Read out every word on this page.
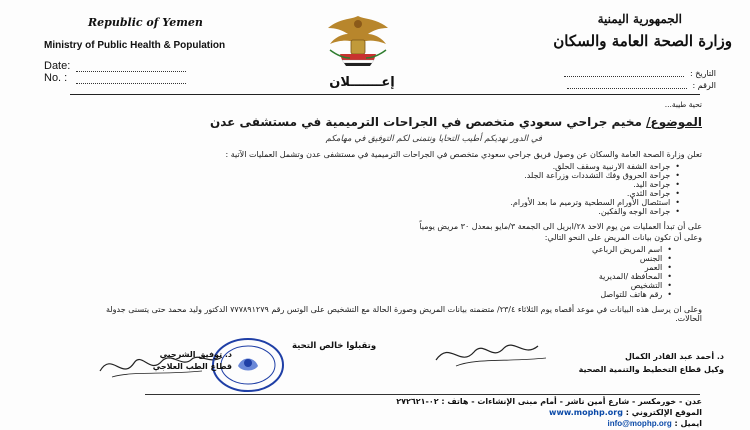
Republic of Yemen
Ministry of Public Health & Population
الجمهورية اليمنية
وزارة الصحة العامة والسكان
Date:
No. :	التاريخ :
الرقم :
إعـــــــلان
تحية طيبة...
الموضوع/ مخيم جراحي سعودي متخصص في الجراحات الترميمية في مستشفى عدن
في الدور نهديكم أطيب التحايا ونتمنى لكم التوفيق في مهامكم
تعلن وزارة الصحة العامة والسكان عن وصول فريق جراحي سعودي متخصص في الجراحات الترميمية في مستشفى عدن وتشمل العمليات الآتية :
• جراحة الشفة الارنبية وسقف الحلق.
• جراحة الحروق وفك التشددات وزراعة الجلد.
• جراحة اليد.
• جراحة الثدي.
• استئصال الأورام السطحية وترميم ما بعد الأورام.
• جراحة الوجه والفكين.
على أن تبدأ العمليات من يوم الاحد ٢٨/ابريل الى الجمعة ٣/مايو بمعدل ٣٠ مريض يومياً
وعلى أن تكون بيانات المريض على النحو التالي:
• اسم المريض الرباعي
• الجنس
• العمر
• المحافظة /المديرية
• التشخيص
• رقم هاتف للتواصل
وعلى ان يرسل هذه البيانات في موعد أقصاه يوم الثلاثاء ٢٣/٤/ متضمنه بيانات المريض وصورة الحالة مع التشخيص على الوتس رقم ٧٧٧٨٩١٢٧٩ الدكتور وليد محمد حتى يتسنى جدولة الحالات.
وتقبلوا خالص التحية
د. توفيق الشرجبي
قطاع الطب العلاجي
د. أحمد عبد القادر الكمال
وكيل قطاع التخطيط والتنمية الصحية
عدن - خورمكسر - شارع أمين ناشر - أمام مبنى الإنشاءات - هاتف : ٠٢-٢٧٢٦٢١
الموقع الإلكتروني : www.mophp.org
ايميل : info@mophp.org
